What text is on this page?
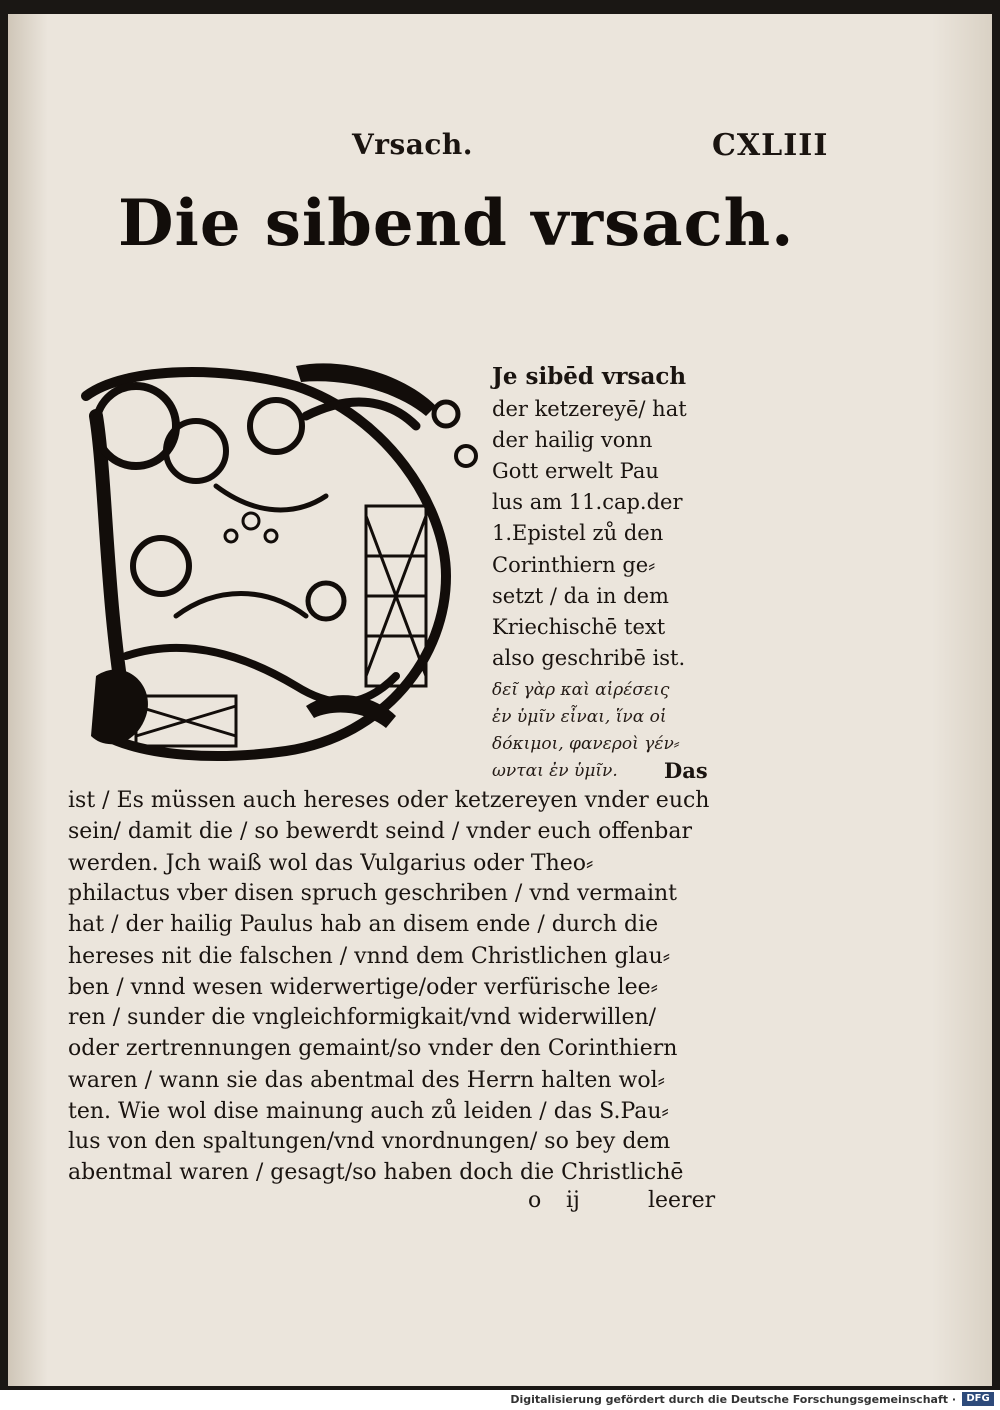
Vrsach.	CXLIII
Die sibend vrsach.
Je sibēd vrsach
der ketzereyē/ hat
der hailig vonn
Gott erwelt Pau
lus am 11.cap.der
1.Epistel zů den
Corinthiern ge⸗
setzt / da in dem
Kriechischē text
also geschribē ist.
δεῖ γὰρ καὶ αἱρέσεις
ἐν ὑμῖν εἶναι, ἵνα οἱ
δόκιμοι, φανεροὶ γέν⸗
ωνται ἐν ὑμῖν. Das
ist / Es müssen auch hereses oder ketzereyen vnder euch
sein/ damit die / so bewerdt seind / vnder euch offenbar
werden. Jch waiß wol das Vulgarius oder Theo⸗
philactus vber disen spruch geschriben / vnd vermaint
hat / der hailig Paulus hab an disem ende / durch die
hereses nit die falschen / vnnd dem Christlichen glau⸗
ben / vnnd wesen widerwertige/oder verfürische lee⸗
ren / sunder die vngleichformigkait/vnd widerwillen/
oder zertrennungen gemaint/so vnder den Corinthiern
waren / wann sie das abentmal des Herrn halten wol⸗
ten. Wie wol dise mainung auch zů leiden / das S.Pau⸗
lus von den spaltungen/vnd vnordnungen/ so bey dem
abentmal waren / gesagt/so haben doch die Christlichē
o ij	leerer
Digitalisierung gefördert durch die Deutsche Forschungsgemeinschaft ·	DFG
